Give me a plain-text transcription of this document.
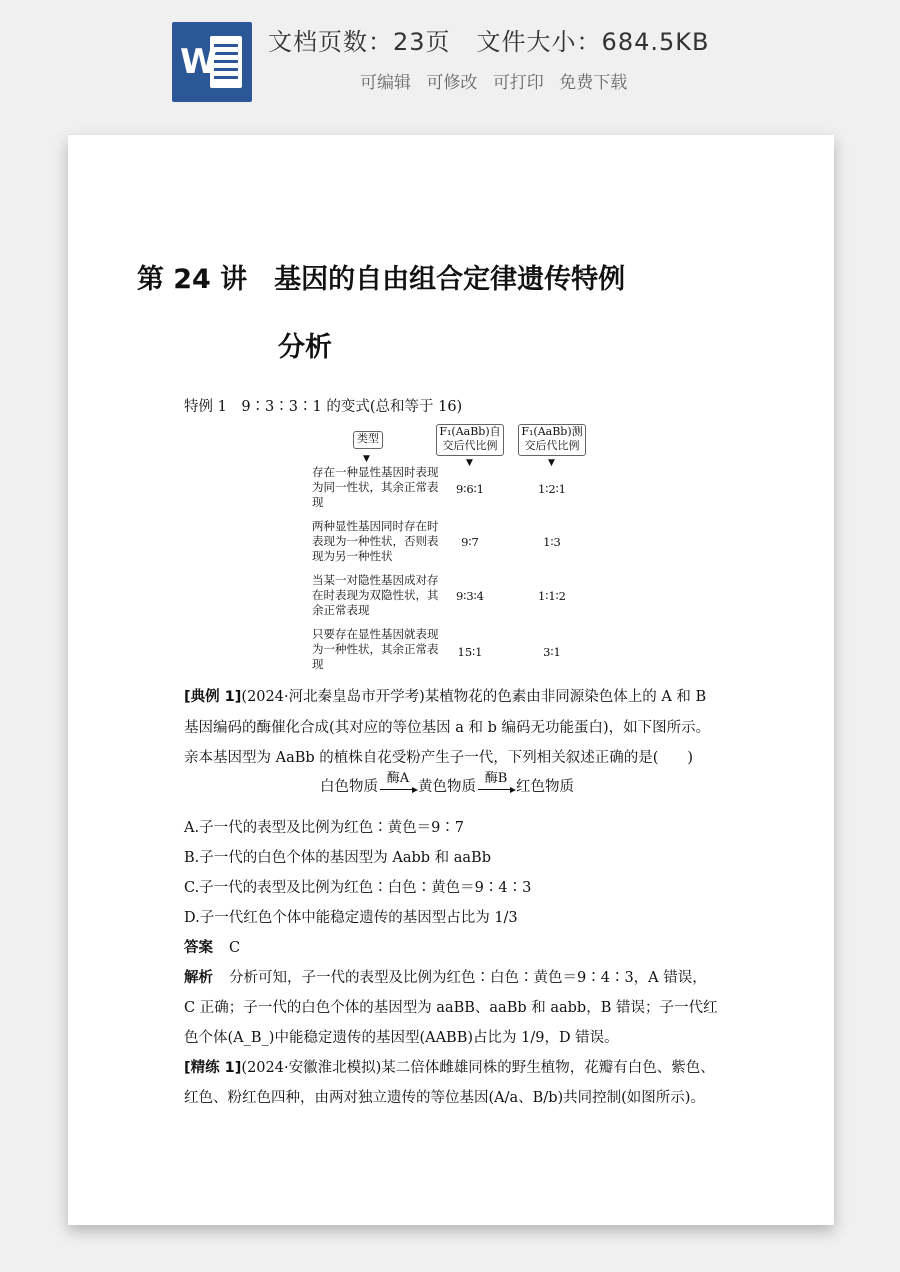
W 文档页数：23页 文件大小：684.5KB
可编辑 可修改 可打印 免费下载
第 24 讲　基因的自由组合定律遗传特例
分析
特例 1　9∶3∶3∶1 的变式(总和等于 16)
类型
▼
F₁(AaBb)自交后代比例
▼
F₁(AaBb)测交后代比例
▼
存在一种显性基因时表现为同一性状，其余正常表现
9∶6∶1	1∶2∶1
两种显性基因同时存在时表现为一种性状，否则表现为另一种性状
9∶7	1∶3
当某一对隐性基因成对存在时表现为双隐性状，其余正常表现
9∶3∶4	1∶1∶2
只要存在显性基因就表现为一种性状，其余正常表现
15∶1	3∶1
[典例 1](2024·河北秦皇岛市开学考)某植物花的色素由非同源染色体上的 A 和 B
基因编码的酶催化合成(其对应的等位基因 a 和 b 编码无功能蛋白)，如下图所示。
亲本基因型为 AaBb 的植株自花受粉产生子一代，下列相关叙述正确的是(　　)
白色物质
酶A
黄色物质
酶B
红色物质
A.子一代的表型及比例为红色∶黄色＝9∶7
B.子一代的白色个体的基因型为 Aabb 和 aaBb
C.子一代的表型及比例为红色∶白色∶黄色＝9∶4∶3
D.子一代红色个体中能稳定遗传的基因型占比为 1/3
答案 C
解析 分析可知，子一代的表型及比例为红色∶白色∶黄色＝9∶4∶3，A 错误，
C 正确；子一代的白色个体的基因型为 aaBB、aaBb 和 aabb，B 错误；子一代红
色个体(A_B_)中能稳定遗传的基因型(AABB)占比为 1/9，D 错误。
[精练 1](2024·安徽淮北模拟)某二倍体雌雄同株的野生植物，花瓣有白色、紫色、
红色、粉红色四种，由两对独立遗传的等位基因(A/a、B/b)共同控制(如图所示)。
